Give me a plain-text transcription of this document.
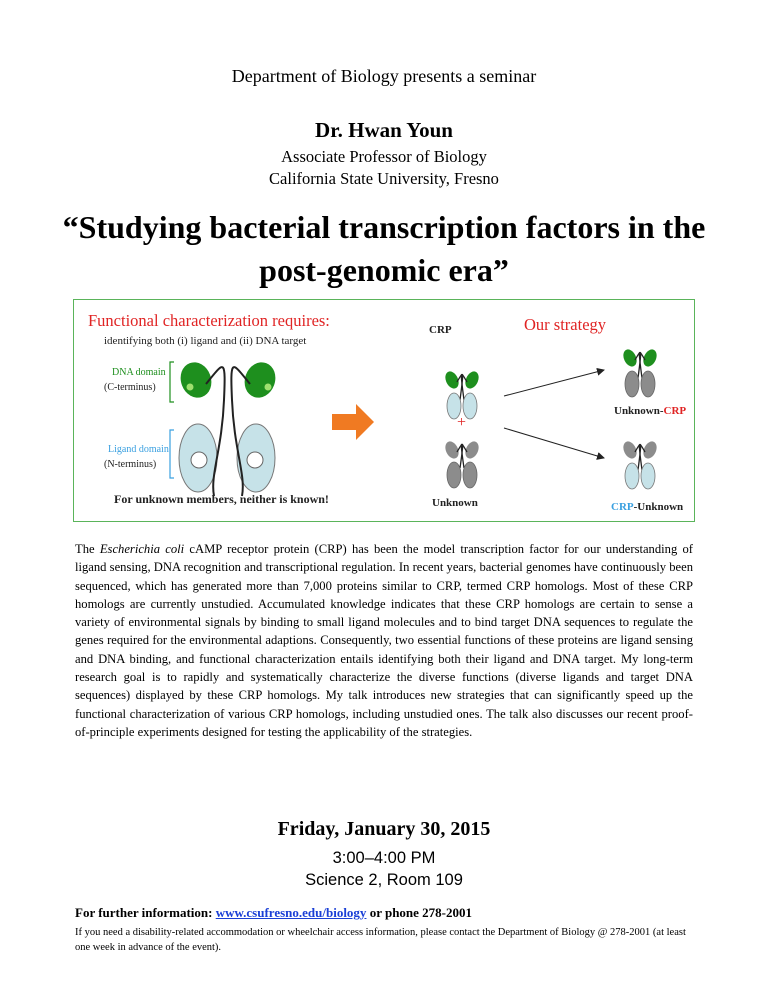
Department of Biology presents a seminar
Dr. Hwan Youn
Associate Professor of Biology
California State University, Fresno
“Studying bacterial transcription factors in the post-genomic era”
Functional characterization requires:
identifying both (i) ligand and (ii) DNA target
DNA domain
(C-terminus)
Ligand domain
(N-terminus)
For unknown members, neither is known!
CRP
+
Unknown
Our strategy
Unknown-CRP
CRP-Unknown
The Escherichia coli cAMP receptor protein (CRP) has been the model transcription factor for our understanding of ligand sensing, DNA recognition and transcriptional regulation. In recent years, bacterial genomes have continuously been sequenced, which has generated more than 7,000 proteins similar to CRP, termed CRP homologs. Most of these CRP homologs are currently unstudied. Accumulated knowledge indicates that these CRP homologs are certain to sense a variety of environmental signals by binding to small ligand molecules and to bind target DNA sequences to regulate the genes required for the environmental adaptions. Consequently, two essential functions of these proteins are ligand sensing and DNA binding, and functional characterization entails identifying both their ligand and DNA target. My long-term research goal is to rapidly and systematically characterize the diverse functions (diverse ligands and target DNA sequences) displayed by these CRP homologs. My talk introduces new strategies that can significantly speed up the functional characterization of various CRP homologs, including unstudied ones. The talk also discusses our recent proof-of-principle experiments designed for testing the applicability of the strategies.
Friday, January 30, 2015
3:00–4:00 PM
Science 2, Room 109
For further information: www.csufresno.edu/biology or phone 278-2001
If you need a disability-related accommodation or wheelchair access information, please contact the Department of Biology @ 278-2001 (at least one week in advance of the event).
